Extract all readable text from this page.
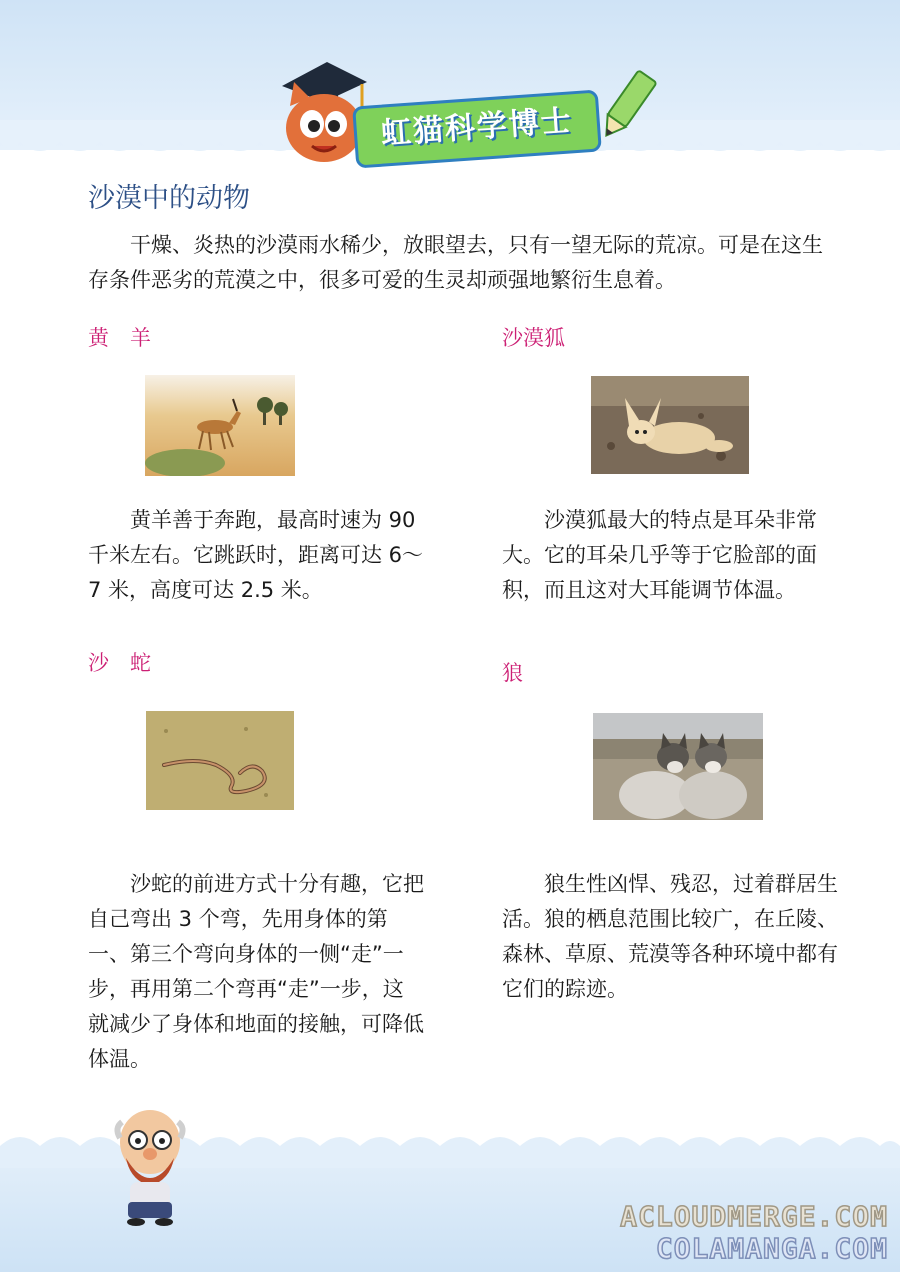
虹猫科学博士
沙漠中的动物

干燥、炎热的沙漠雨水稀少，放眼望去，只有一望无际的荒凉。可是在这生存条件恶劣的荒漠之中，很多可爱的生灵却顽强地繁衍生息着。

黄　羊

黄羊善于奔跑，最高时速为 90 千米左右。它跳跃时，距离可达 6～7 米，高度可达 2.5 米。

沙漠狐

沙漠狐最大的特点是耳朵非常大。它的耳朵几乎等于它脸部的面积，而且这对大耳能调节体温。

沙　蛇

沙蛇的前进方式十分有趣，它把自己弯出 3 个弯，先用身体的第一、第三个弯向身体的一侧“走”一步，再用第二个弯再“走”一步，这就减少了身体和地面的接触，可降低体温。

狼

狼生性凶悍、残忍，过着群居生活。狼的栖息范围比较广，在丘陵、森林、草原、荒漠等各种环境中都有它们的踪迹。

ACLOUDMERGE.COM
COLAMANGA.COM
